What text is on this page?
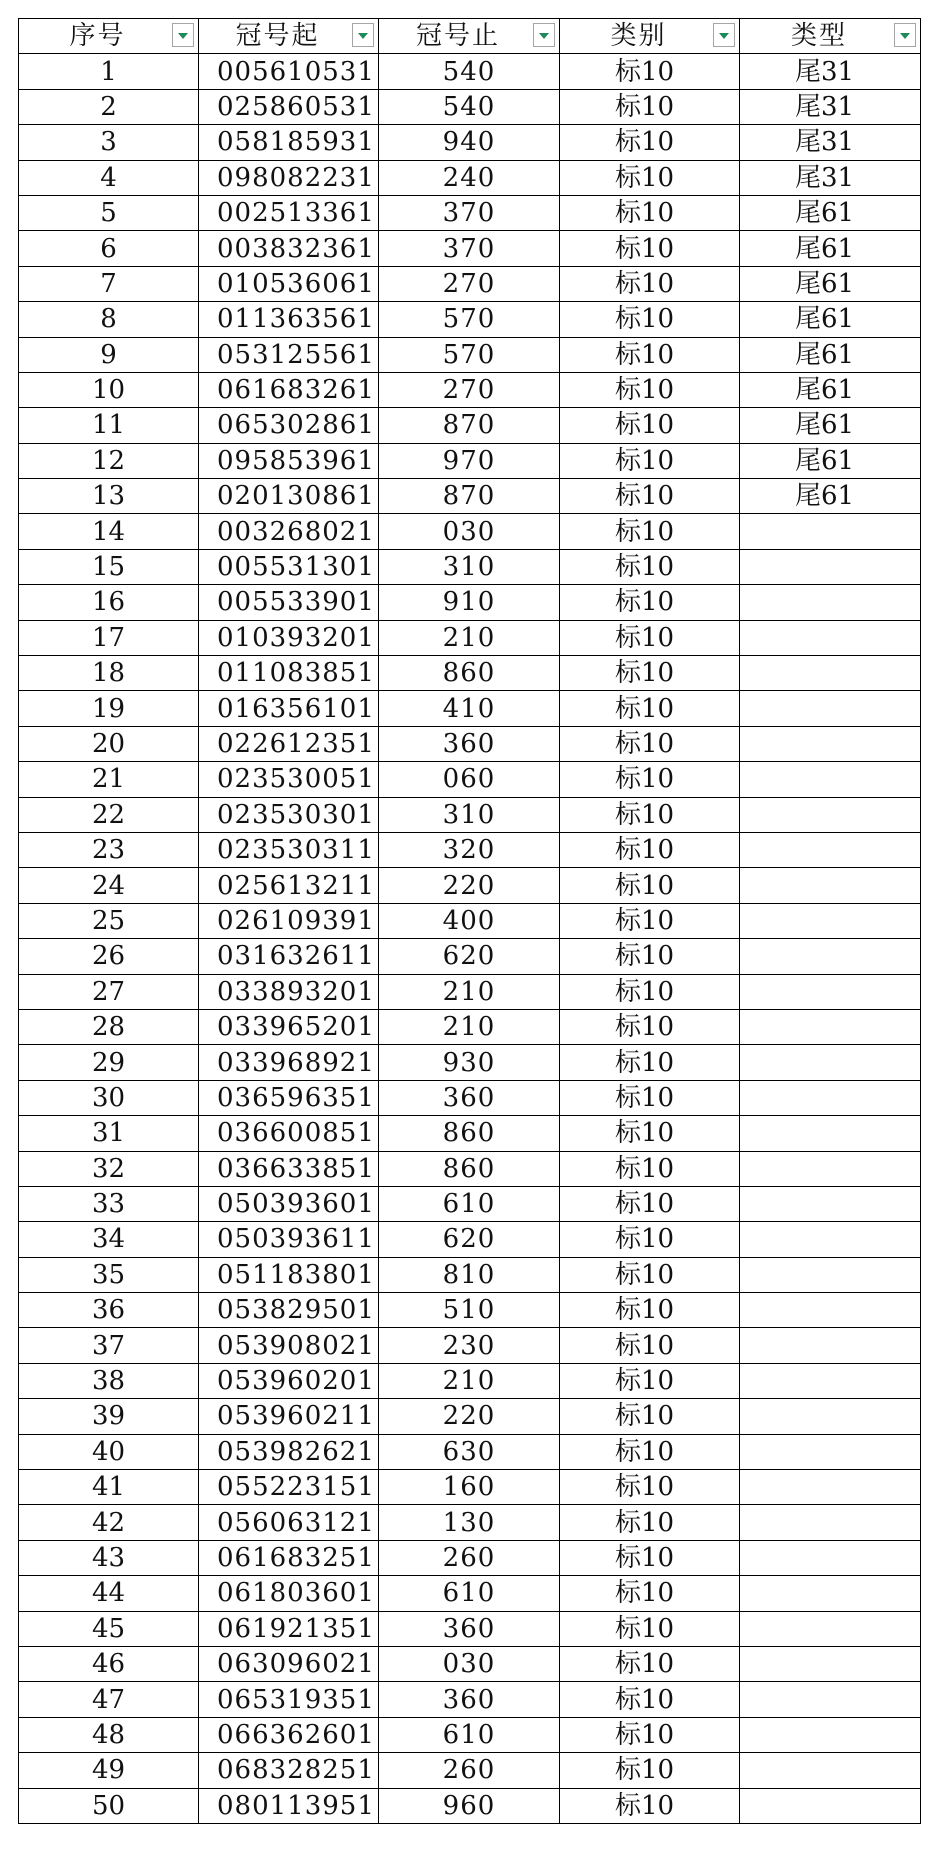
序号	冠号起	冠号止	类别	类型

1	005610531	540	标10	尾31
2	025860531	540	标10	尾31
3	058185931	940	标10	尾31
4	098082231	240	标10	尾31
5	002513361	370	标10	尾61
6	003832361	370	标10	尾61
7	010536061	270	标10	尾61
8	011363561	570	标10	尾61
9	053125561	570	标10	尾61
10	061683261	270	标10	尾61
11	065302861	870	标10	尾61
12	095853961	970	标10	尾61
13	020130861	870	标10	尾61
14	003268021	030	标10	
15	005531301	310	标10	
16	005533901	910	标10	
17	010393201	210	标10	
18	011083851	860	标10	
19	016356101	410	标10	
20	022612351	360	标10	
21	023530051	060	标10	
22	023530301	310	标10	
23	023530311	320	标10	
24	025613211	220	标10	
25	026109391	400	标10	
26	031632611	620	标10	
27	033893201	210	标10	
28	033965201	210	标10	
29	033968921	930	标10	
30	036596351	360	标10	
31	036600851	860	标10	
32	036633851	860	标10	
33	050393601	610	标10	
34	050393611	620	标10	
35	051183801	810	标10	
36	053829501	510	标10	
37	053908021	230	标10	
38	053960201	210	标10	
39	053960211	220	标10	
40	053982621	630	标10	
41	055223151	160	标10	
42	056063121	130	标10	
43	061683251	260	标10	
44	061803601	610	标10	
45	061921351	360	标10	
46	063096021	030	标10	
47	065319351	360	标10	
48	066362601	610	标10	
49	068328251	260	标10	
50	080113951	960	标10	
